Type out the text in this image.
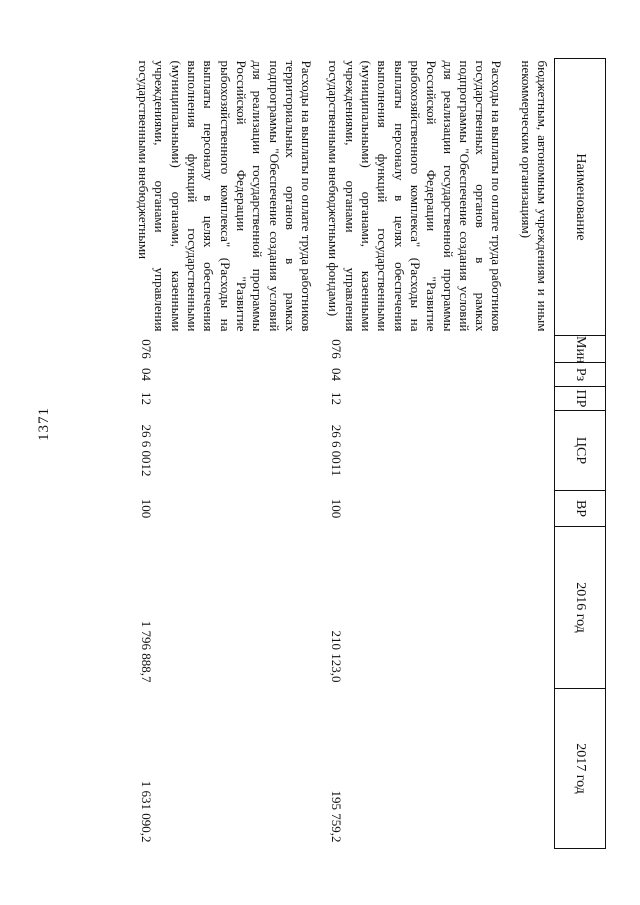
1371
Наименование	Мин	Рз	ПР	ЦСР	ВР	2016 год	2017 год
бюджетным, автономным учреждениям и иным некоммерческим организациям)							
Расходы на выплаты по оплате труда работников государственных органов в рамках подпрограммы "Обеспечение создания условий для реализации государственной программы Российской Федерации "Развитие рыбохозяйственного комплекса" (Расходы на выплаты персоналу в целях обеспечения выполнения функций государственными (муниципальными) органами, казенными учреждениями, органами управления государственными внебюджетными фондами)	076	04	12	26 6 0011	100	210 123,0	195 759,2
Расходы на выплаты по оплате труда работников территориальных органов в рамках подпрограммы "Обеспечение создания условий для реализации государственной программы Российской Федерации "Развитие рыбохозяйственного комплекса" (Расходы на выплаты персоналу в целях обеспечения выполнения функций государственными (муниципальными) органами, казенными учреждениями, органами управления государственными внебюджетными	076	04	12	26 6 0012	100	1 796 888,7	1 631 090,2
